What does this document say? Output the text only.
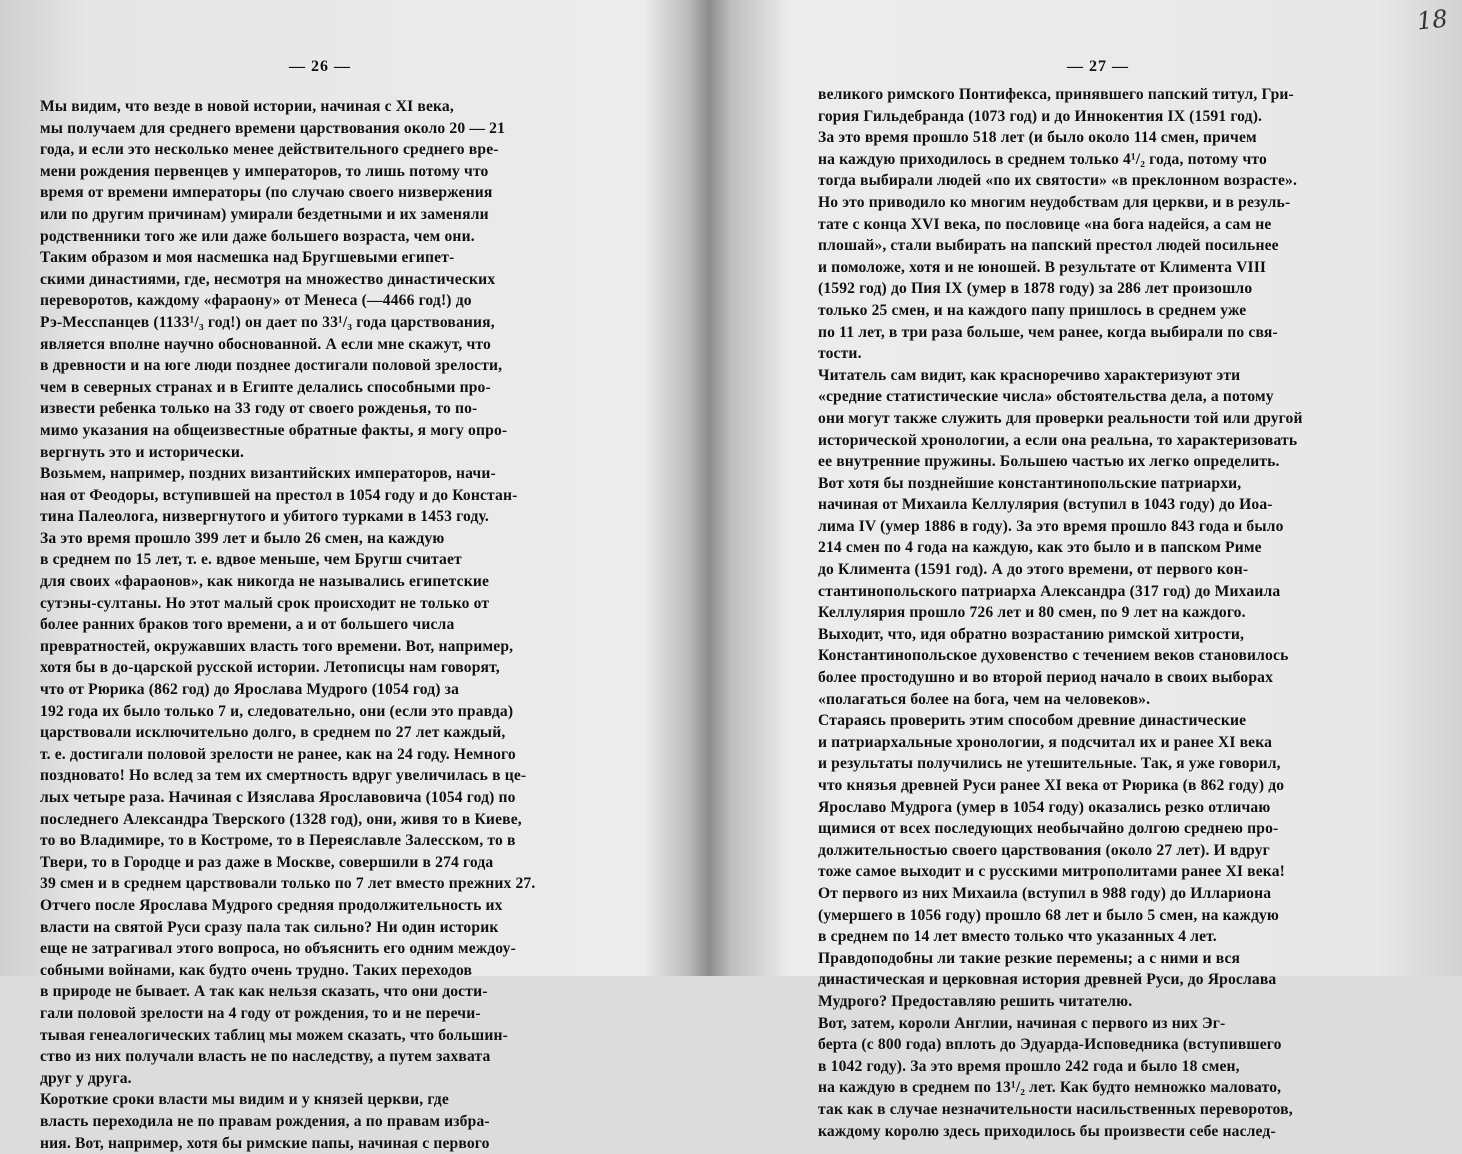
— 26 —
Мы видим, что везде в новой истории, начиная с XI века,
мы получаем для среднего времени царствования около 20 — 21
года, и если это несколько менее действительного среднего вре-
мени рождения первенцев у императоров, то лишь потому что
время от времени императоры (по случаю своего низвержения
или по другим причинам) умирали бездетными и их заменяли
родственники того же или даже большего возраста, чем они.
Таким образом и моя насмешка над Бругшевыми египет-
скими династиями, где, несмотря на множество династических
переворотов, каждому «фараону» от Менеса (—4466 год!) до
Рэ-Месспанцев (1133¹/₃ год!) он дает по 33¹/₃ года царствования,
является вполне научно обоснованной. А если мне скажут, что
в древности и на юге люди позднее достигали половой зрелости,
чем в северных странах и в Египте делались способными про-
извести ребенка только на 33 году от своего рожденья, то по-
мимо указания на общеизвестные обратные факты, я могу опро-
вергнуть это и исторически.
Возьмем, например, поздних византийских императоров, начи-
ная от Феодоры, вступившей на престол в 1054 году и до Констан-
тина Палеолога, низвергнутого и убитого турками в 1453 году.
За это время прошло 399 лет и было 26 смен, на каждую
в среднем по 15 лет, т. е. вдвое меньше, чем Бругш считает
для своих «фараонов», как никогда не назывались египетские
сутэны-султаны. Но этот малый срок происходит не только от
более ранних браков того времени, а и от большего числа
превратностей, окружавших власть того времени. Вот, например,
хотя бы в до-царской русской истории. Летописцы нам говорят,
что от Рюрика (862 год) до Ярослава Мудрого (1054 год) за
192 года их было только 7 и, следовательно, они (если это правда)
царствовали исключительно долго, в среднем по 27 лет каждый,
т. е. достигали половой зрелости не ранее, как на 24 году. Немного
поздновато! Но вслед за тем их смертность вдруг увеличилась в це-
лых четыре раза. Начиная с Изяслава Ярославовича (1054 год) по
последнего Александра Тверского (1328 год), они, живя то в Киеве,
то во Владимире, то в Костроме, то в Переяславле Залесском, то в
Твери, то в Городце и раз даже в Москве, совершили в 274 года
39 смен и в среднем царствовали только по 7 лет вместо прежних 27.
Отчего после Ярослава Мудрого средняя продолжительность их
власти на святой Руси сразу пала так сильно? Ни один историк
еще не затрагивал этого вопроса, но объяснить его одним междоу-
собными войнами, как будто очень трудно. Таких переходов
в природе не бывает. А так как нельзя сказать, что они дости-
гали половой зрелости на 4 году от рождения, то и не перечи-
тывая генеалогических таблиц мы можем сказать, что большин-
ство из них получали власть не по наследству, а путем захвата
друг у друга.
Короткие сроки власти мы видим и у князей церкви, где
власть переходила не по правам рождения, а по правам избра-
ния. Вот, например, хотя бы римские папы, начиная с первого
— 27 —
великого римского Понтифекса, принявшего папский титул, Гри-
гория Гильдебранда (1073 год) и до Иннокентия IX (1591 год).
За это время прошло 518 лет (и было около 114 смен, причем
на каждую приходилось в среднем только 4¹/₂ года, потому что
тогда выбирали людей «по их святости» «в преклонном возрасте».
Но это приводило ко многим неудобствам для церкви, и в резуль-
тате с конца XVI века, по пословице «на бога надейся, а сам не
плошай», стали выбирать на папский престол людей посильнее
и помоложе, хотя и не юношей. В результате от Климента VIII
(1592 год) до Пия IX (умер в 1878 году) за 286 лет произошло
только 25 смен, и на каждого папу пришлось в среднем уже
по 11 лет, в три раза больше, чем ранее, когда выбирали по свя-
тости.
Читатель сам видит, как красноречиво характеризуют эти
«средние статистические числа» обстоятельства дела, а потому
они могут также служить для проверки реальности той или другой
исторической хронологии, а если она реальна, то характеризовать
ее внутренние пружины. Большею частью их легко определить.
Вот хотя бы позднейшие константинопольские патриархи,
начиная от Михаила Келлулярия (вступил в 1043 году) до Иоа-
лима IV (умер 1886 в году). За это время прошло 843 года и было
214 смен по 4 года на каждую, как это было и в папском Риме
до Климента (1591 год). А до этого времени, от первого кон-
стантинопольского патриарха Александра (317 год) до Михаила
Келлулярия прошло 726 лет и 80 смен, по 9 лет на каждого.
Выходит, что, идя обратно возрастанию римской хитрости,
Константинопольское духовенство с течением веков становилось
более простодушно и во второй период начало в своих выборах
«полагаться более на бога, чем на человеков».
Стараясь проверить этим способом древние династические
и патриархальные хронологии, я подсчитал их и ранее XI века
и результаты получились не утешительные. Так, я уже говорил,
что князья древней Руси ранее XI века от Рюрика (в 862 году) до
Ярославо Мудрога (умер в 1054 году) оказались резко отличаю
щимися от всех последующих необычайно долгою среднею про-
должительностью своего царствования (около 27 лет). И вдруг
тоже самое выходит и с русскими митрополитами ранее XI века!
От первого из них Михаила (вступил в 988 году) до Иллариона
(умершего в 1056 году) прошло 68 лет и было 5 смен, на каждую
в среднем по 14 лет вместо только что указанных 4 лет.
Правдоподобны ли такие резкие перемены; а с ними и вся
династическая и церковная история древней Руси, до Ярослава
Мудрого? Предоставляю решить читателю.
Вот, затем, короли Англии, начиная с первого из них Эг-
берта (с 800 года) вплоть до Эдуарда-Исповедника (вступившего
в 1042 году). За это время прошло 242 года и было 18 смен,
на каждую в среднем по 13¹/₂ лет. Как будто немножко маловато,
так как в случае незначительности насильственных переворотов,
каждому королю здесь приходилось бы произвести себе наслед-
18
